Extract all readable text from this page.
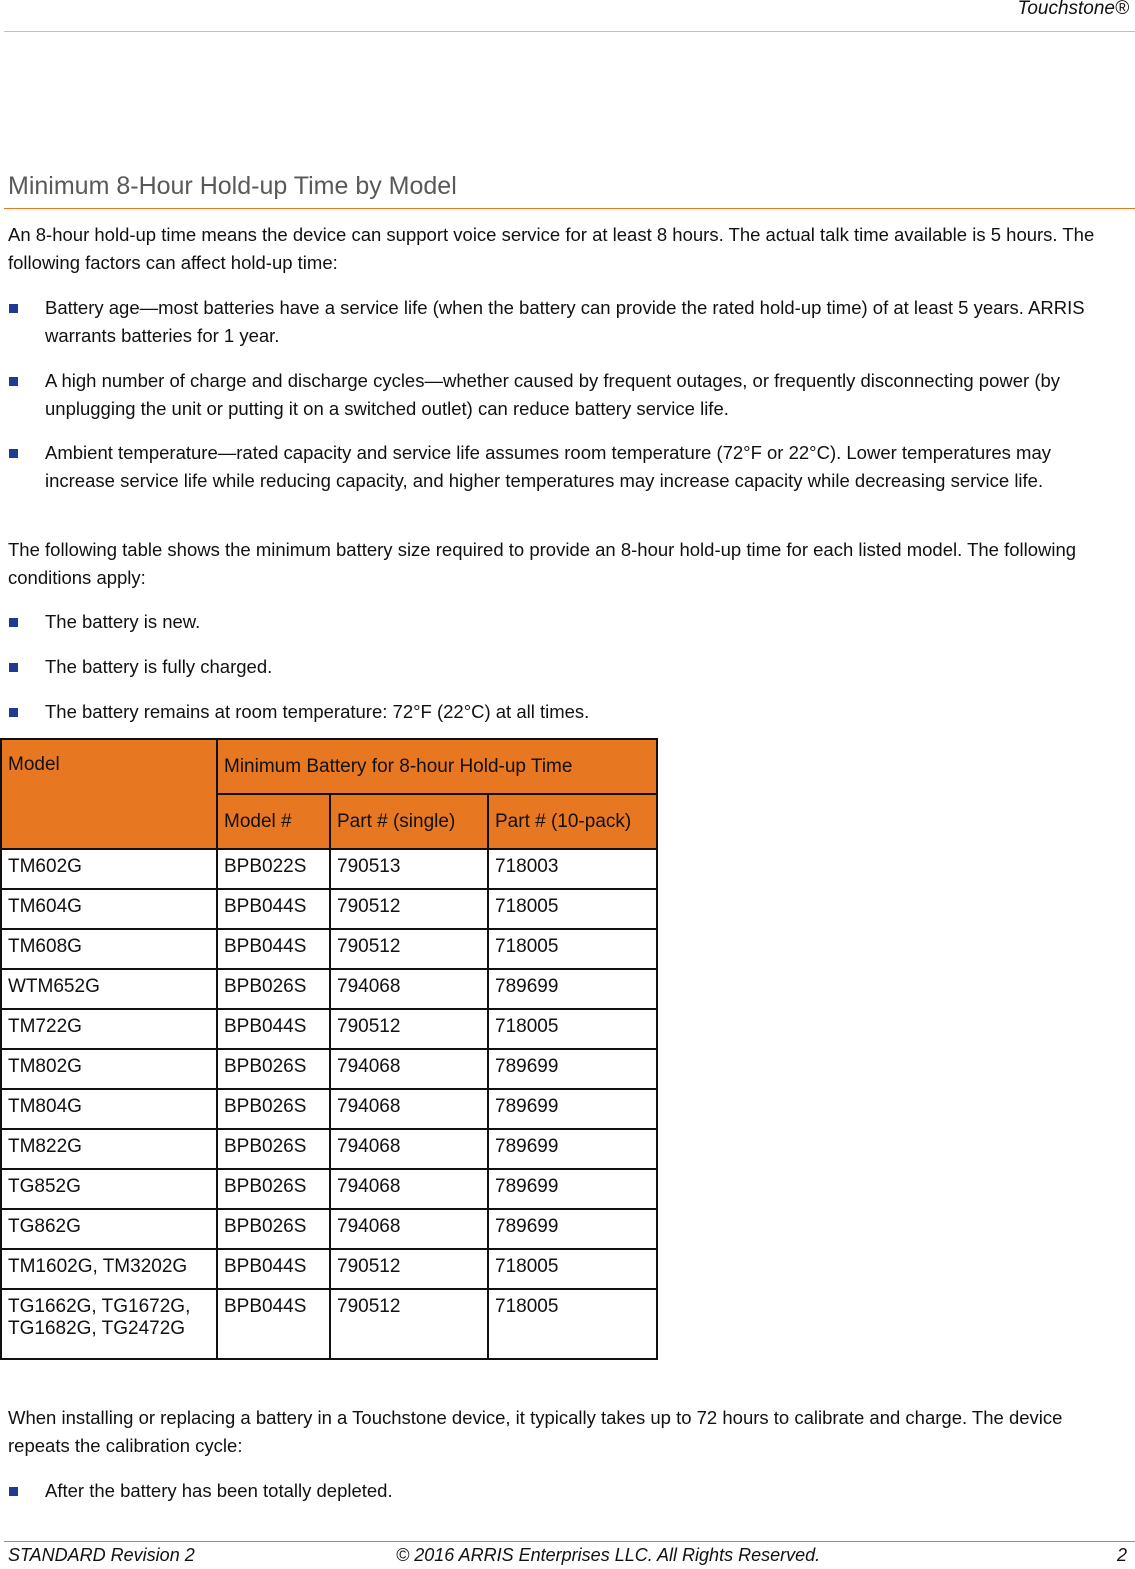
Touchstone®
Minimum 8-Hour Hold-up Time by Model
An 8-hour hold-up time means the device can support voice service for at least 8 hours. The actual talk time available is 5 hours. The following factors can affect hold-up time:
Battery age—most batteries have a service life (when the battery can provide the rated hold-up time) of at least 5 years. ARRIS warrants batteries for 1 year.
A high number of charge and discharge cycles—whether caused by frequent outages, or frequently disconnecting power (by unplugging the unit or putting it on a switched outlet) can reduce battery service life.
Ambient temperature—rated capacity and service life assumes room temperature (72°F or 22°C). Lower temperatures may increase service life while reducing capacity, and higher temperatures may increase capacity while decreasing service life.
The following table shows the minimum battery size required to provide an 8-hour hold-up time for each listed model. The following conditions apply:
The battery is new.
The battery is fully charged.
The battery remains at room temperature: 72°F (22°C) at all times.
Model	Minimum Battery for 8-hour Hold-up Time		
	Model #	Part # (single)	Part # (10-pack)
TM602G	BPB022S	790513	718003
TM604G	BPB044S	790512	718005
TM608G	BPB044S	790512	718005
WTM652G	BPB026S	794068	789699
TM722G	BPB044S	790512	718005
TM802G	BPB026S	794068	789699
TM804G	BPB026S	794068	789699
TM822G	BPB026S	794068	789699
TG852G	BPB026S	794068	789699
TG862G	BPB026S	794068	789699
TM1602G, TM3202G	BPB044S	790512	718005
TG1662G, TG1672G, TG1682G, TG2472G	BPB044S	790512	718005
When installing or replacing a battery in a Touchstone device, it typically takes up to 72 hours to calibrate and charge. The device repeats the calibration cycle:
After the battery has been totally depleted.
STANDARD Revision 2	© 2016 ARRIS Enterprises LLC. All Rights Reserved.	2
